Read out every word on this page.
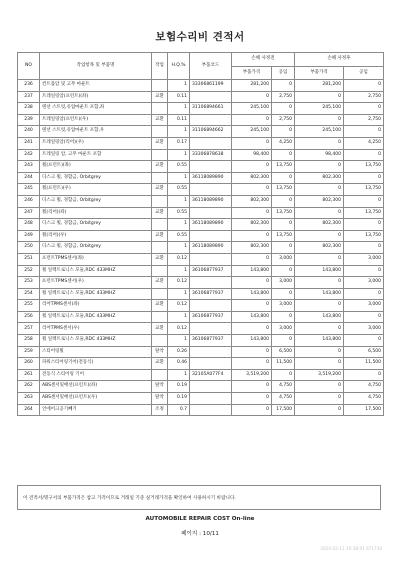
보험수리비 견적서
NO	작업항목 및 부품명	작업	H.Q.%	부품코드	손해 사정전		손해 사정후	
					부품가격	공임	부품가격	공임
236	컨트롤암 및 고무 마운트		1	33306861199	281,200	0	281,200	0
237	트레일링암(프런트)(좌)	교환	0.11		0	2,750	0	2,750
238	텐션 스트럿,유압마운트 포함,좌		1	31106894661	245,100	0	245,100	0
239	트레일링암(프런트)(우)	교환	0.11		0	2,750	0	2,750
240	텐션 스트럿,유압마운트 포함,우		1	31106894662	245,100	0	245,100	0
241	트레일링암(리어)(우)	교환	0.17		0	4,250	0	4,250
242	트레일링 암, 고무 마운트 포함		1	33306878638	98,400	0	98,400	0
243	휠(프런트)(좌)	교환	0.55		0	13,750	0	13,750
244	디스크 휠, 경합금, Orbitgrey		1	36118089890	802,300	0	802,300	0
245	휠(프런트)(우)	교환	0.55		0	13,750	0	13,750
246	디스크 휠, 경합금, Orbitgrey		1	36118089890	802,300	0	802,300	0
247	휠(리어)(좌)	교환	0.55		0	13,750	0	13,750
248	디스크 휠, 경합금, Orbitgrey		1	36118089890	802,300	0	802,300	0
249	휠(리어)(우)	교환	0.55		0	13,750	0	13,750
250	디스크 휠, 경합금, Orbitgrey		1	36118089890	802,300	0	802,300	0
251	프런트TPMS센서(좌)	교환	0.12		0	3,000	0	3,000
252	휠 일렉트로닉스 모듈,RDC 433MHZ		1	36106877937	143,800	0	143,800	0
253	프런트TPMS센서(우)	교환	0.12		0	3,000	0	3,000
254	휠 일렉트로닉스 모듈,RDC 433MHZ		1	36106877937	143,800	0	143,800	0
255	리어TPMS센서(좌)	교환	0.12		0	3,000	0	3,000
256	휠 일렉트로닉스 모듈,RDC 433MHZ		1	36106877937	143,800	0	143,800	0
257	리어TPMS센서(우)	교환	0.12		0	3,000	0	3,000
258	휠 일렉트로닉스 모듈,RDC 433MHZ		1	36106877937	143,800	0	143,800	0
259	스티어링휠	탈착	0.26		0	6,500	0	6,500
260	파워스티어링기어(전동식)	교환	0.46		0	11,500	0	11,500
261	전동식 스티어링 기어		1	32105A077F4	3,519,200	0	3,519,200	0
262	ABS센서및배선(프런트)(좌)	탈착	0.19		0	4,750	0	4,750
263	ABS센서및배선(프런트)(우)	탈착	0.19		0	4,750	0	4,750
264	언에어크공기빼기	조정	0.7		0	17,500	0	17,500
이 견적서/명구서의 부품가격은 참고 가격이므로 거래일 기준 실거래가격을 확인하여 사용하시기 바랍니다.
AUTOMOBILE REPAIR COST On-line
페이지 : 10/11
2024-02-11 10:38:01 ST1730
